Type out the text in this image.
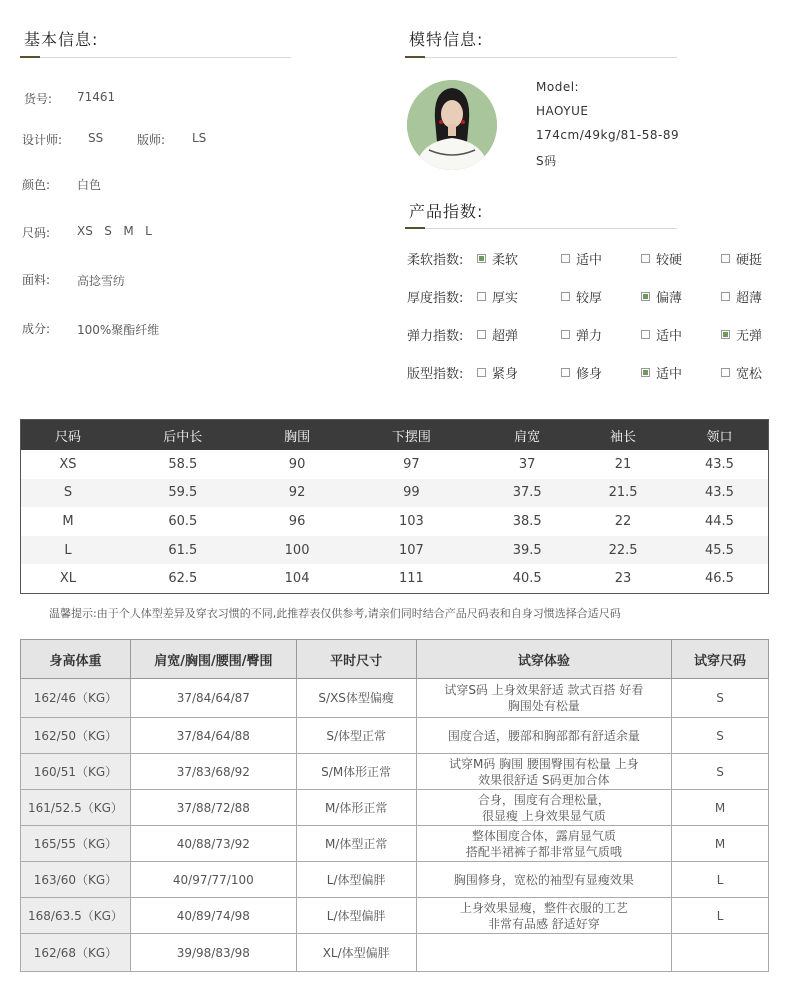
基本信息:
货号: 71461
设计师: SS	版师: LS
颜色: 白色
尺码: XS   S   M   L
面料: 高捻雪纺
成分: 100%聚酯纤维
模特信息:
Model:
HAOYUE
174cm/49kg/81-58-89
S码
产品指数:
柔软指数: 柔软	适中	较硬	硬挺
厚度指数: 厚实	较厚	偏薄	超薄
弹力指数: 超弹	弹力	适中	无弹
版型指数: 紧身	修身	适中	宽松
尺码	后中长	胸围	下摆围	肩宽	袖长	领口
XS	58.5	90	97	37	21	43.5
S	59.5	92	99	37.5	21.5	43.5
M	60.5	96	103	38.5	22	44.5
L	61.5	100	107	39.5	22.5	45.5
XL	62.5	104	111	40.5	23	46.5
温馨提示:由于个人体型差异及穿衣习惯的不同,此推荐表仅供参考,请亲们同时结合产品尺码表和自身习惯选择合适尺码
身高体重	肩宽/胸围/腰围/臀围	平时尺寸	试穿体验	试穿尺码
162/46（KG）	37/84/64/87	S/XS体型偏瘦	试穿S码 上身效果舒适 款式百搭 好看
胸围处有松量	S
162/50（KG）	37/84/64/88	S/体型正常	围度合适，腰部和胸部都有舒适余量	S
160/51（KG）	37/83/68/92	S/M体形正常	试穿M码 胸围 腰围臀围有松量 上身
效果很舒适 S码更加合体	S
161/52.5（KG）	37/88/72/88	M/体形正常	合身，围度有合理松量，
很显瘦 上身效果显气质	M
165/55（KG）	40/88/73/92	M/体型正常	整体围度合体，露肩显气质
搭配半裙裤子都非常显气质哦	M
163/60（KG）	40/97/77/100	L/体型偏胖	胸围修身，宽松的袖型有显瘦效果	L
168/63.5（KG）	40/89/74/98	L/体型偏胖	上身效果显瘦，整件衣服的工艺
非常有品感 舒适好穿	L
162/68（KG）	39/98/83/98	XL/体型偏胖		
